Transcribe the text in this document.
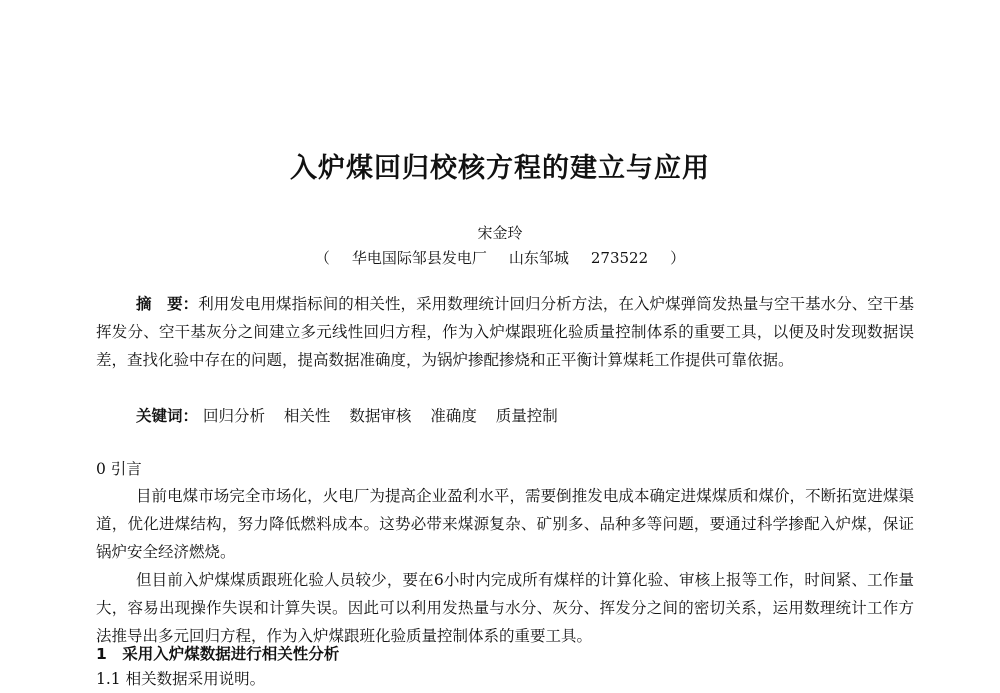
入炉煤回归校核方程的建立与应用
宋金玲
（ 华电国际邹县发电厂 山东邹城 273522 ）
摘　要：利用发电用煤指标间的相关性，采用数理统计回归分析方法，在入炉煤弹筒发热量与空干基水分、空干基挥发分、空干基灰分之间建立多元线性回归方程，作为入炉煤跟班化验质量控制体系的重要工具，以便及时发现数据误差，查找化验中存在的问题，提高数据准确度，为锅炉掺配掺烧和正平衡计算煤耗工作提供可靠依据。
关键词： 回归分析 相关性 数据审核 准确度 质量控制
0 引言

目前电煤市场完全市场化，火电厂为提高企业盈利水平，需要倒推发电成本确定进煤煤质和煤价，不断拓宽进煤渠道，优化进煤结构，努力降低燃料成本。这势必带来煤源复杂、矿别多、品种多等问题，要通过科学掺配入炉煤，保证锅炉安全经济燃烧。

但目前入炉煤煤质跟班化验人员较少，要在6小时内完成所有煤样的计算化验、审核上报等工作，时间紧、工作量大，容易出现操作失误和计算失误。因此可以利用发热量与水分、灰分、挥发分之间的密切关系，运用数理统计工作方法推导出多元回归方程，作为入炉煤跟班化验质量控制体系的重要工具。

1　采用入炉煤数据进行相关性分析
1.1 相关数据采用说明。
